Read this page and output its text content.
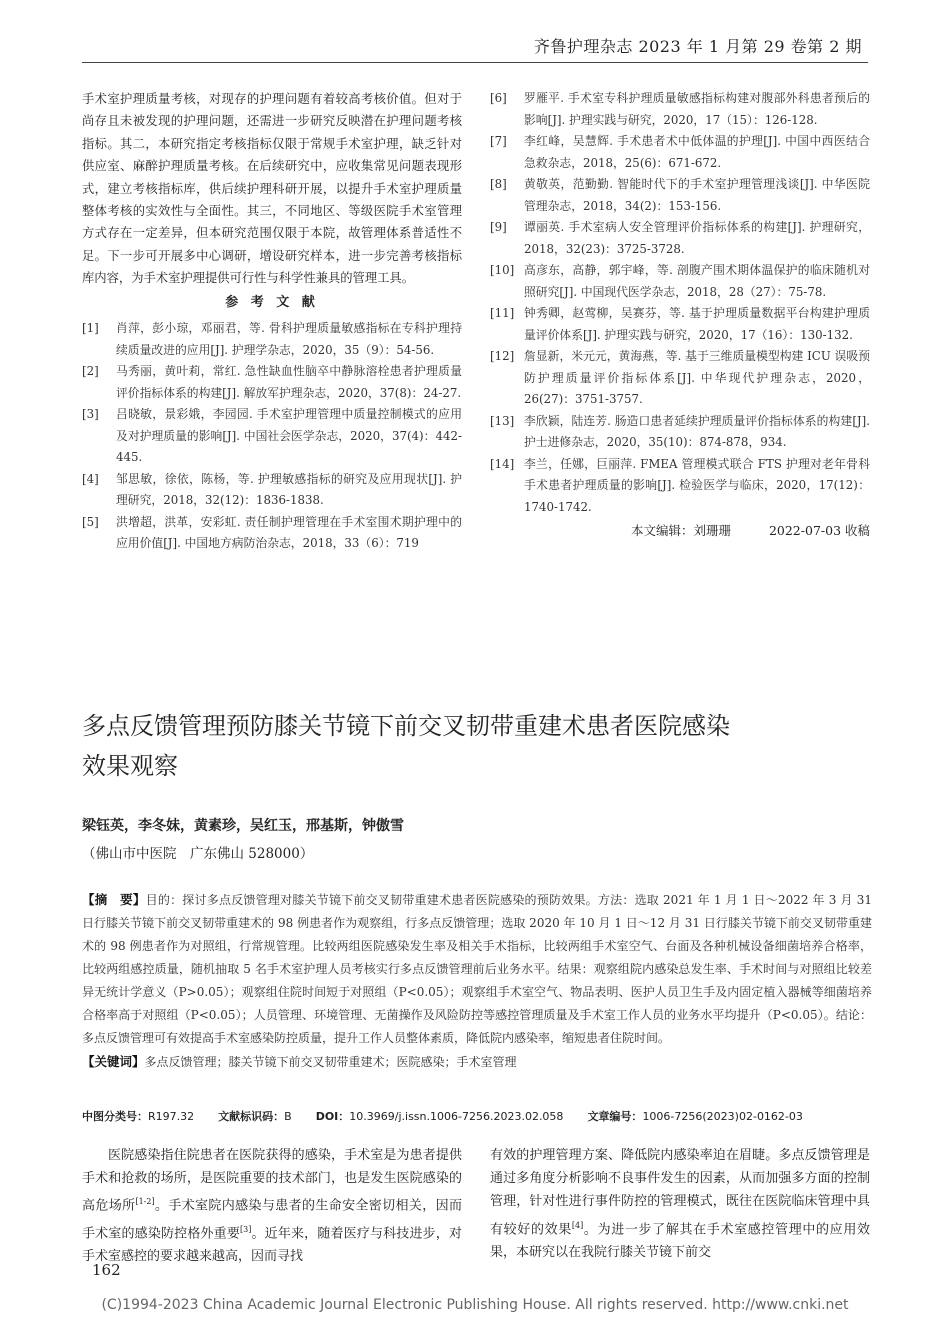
齐鲁护理杂志 2023 年 1 月第 29 卷第 2 期

手术室护理质量考核，对现存的护理问题有着较高考核价值。但对于尚存且未被发现的护理问题，还需进一步研究反映潜在护理问题考核指标。其二，本研究指定考核指标仅限于常规手术室护理，缺乏针对供应室、麻醉护理质量考核。在后续研究中，应收集常见问题表现形式，建立考核指标库，供后续护理科研开展，以提升手术室护理质量整体考核的实效性与全面性。其三，不同地区、等级医院手术室管理方式存在一定差异，但本研究范围仅限于本院，故管理体系普适性不足。下一步可开展多中心调研，增设研究样本，进一步完善考核指标库内容，为手术室护理提供可行性与科学性兼具的管理工具。

参 考 文 献
[1]	肖萍，彭小琼，邓丽君，等. 骨科护理质量敏感指标在专科护理持续质量改进的应用[J]. 护理学杂志，2020，35（9）：54-56.
[2]	马秀丽，黄叶莉，常红. 急性缺血性脑卒中静脉溶栓患者护理质量评价指标体系的构建[J]. 解放军护理杂志，2020，37(8)：24-27.
[3]	吕晓敏，景彩娥，李园园. 手术室护理管理中质量控制模式的应用及对护理质量的影响[J]. 中国社会医学杂志，2020，37(4)：442-445.
[4]	邹思敏，徐依，陈杨，等. 护理敏感指标的研究及应用现状[J]. 护理研究，2018，32(12)：1836-1838.
[5]	洪增超，洪革，安彩虹. 责任制护理管理在手术室围术期护理中的应用价值[J]. 中国地方病防治杂志，2018，33（6）：719
[6]	罗雁平. 手术室专科护理质量敏感指标构建对腹部外科患者预后的影响[J]. 护理实践与研究，2020，17（15）：126-128.
[7]	李红峰，吴慧辉. 手术患者术中低体温的护理[J]. 中国中西医结合急救杂志，2018，25(6)：671-672.
[8]	黄敬英，范勤勤. 智能时代下的手术室护理管理浅谈[J]. 中华医院管理杂志，2018，34(2)：153-156.
[9]	谭丽英. 手术室病人安全管理评价指标体系的构建[J]. 护理研究，2018，32(23)：3725-3728.
[10] 高彦东，高静，郭宇峰，等. 剖腹产围术期体温保护的临床随机对照研究[J]. 中国现代医学杂志，2018，28（27）：75-78.
[11] 钟秀卿，赵莺柳，吴赛芬，等. 基于护理质量数据平台构建护理质量评价体系[J]. 护理实践与研究，2020，17（16）：130-132.
[12] 詹显新，米元元，黄海燕，等. 基于三维质量模型构建 ICU 误吸预防护理质量评价指标体系[J]. 中华现代护理杂志，2020，26(27)：3751-3757.
[13] 李欣颖，陆连芳. 肠造口患者延续护理质量评价指标体系的构建[J]. 护士进修杂志，2020，35(10)：874-878，934.
[14] 李兰，任娜，巨丽萍. FMEA 管理模式联合 FTS 护理对老年骨科手术患者护理质量的影响[J]. 检验医学与临床，2020，17(12)：1740-1742.
本文编辑：刘珊珊	2022-07-03 收稿
多点反馈管理预防膝关节镜下前交叉韧带重建术患者医院感染
效果观察
梁钰英，李冬妹，黄素珍，吴红玉，邢基斯，钟傲雪
（佛山市中医院　广东佛山 528000）
【摘　要】目的：探讨多点反馈管理对膝关节镜下前交叉韧带重建术患者医院感染的预防效果。方法：选取 2021 年 1 月 1 日～2022 年 3 月 31 日行膝关节镜下前交叉韧带重建术的 98 例患者作为观察组，行多点反馈管理；选取 2020 年 10 月 1 日～12 月 31 日行膝关节镜下前交叉韧带重建术的 98 例患者作为对照组，行常规管理。比较两组医院感染发生率及相关手术指标，比较两组手术室空气、台面及各种机械设备细菌培养合格率，比较两组感控质量，随机抽取 5 名手术室护理人员考核实行多点反馈管理前后业务水平。结果：观察组院内感染总发生率、手术时间与对照组比较差异无统计学意义（P>0.05）；观察组住院时间短于对照组（P<0.05）；观察组手术室空气、物品表明、医护人员卫生手及内固定植入器械等细菌培养合格率高于对照组（P<0.05）；人员管理、环境管理、无菌操作及风险防控等感控管理质量及手术室工作人员的业务水平均提升（P<0.05）。结论：多点反馈管理可有效提高手术室感染防控质量，提升工作人员整体素质，降低院内感染率，缩短患者住院时间。
【关键词】多点反馈管理；膝关节镜下前交叉韧带重建术；医院感染；手术室管理
中图分类号：R197.32 文献标识码：B DOI：10.3969/j.issn.1006-7256.2023.02.058 文章编号：1006-7256(2023)02-0162-03

医院感染指住院患者在医院获得的感染，手术室是为患者提供手术和抢救的场所，是医院重要的技术部门，也是发生医院感染的高危场所[1-2]。手术室院内感染与患者的生命安全密切相关，因而手术室的感染防控格外重要[3]。近年来，随着医疗与科技进步，对手术室感控的要求越来越高，因而寻找

有效的护理管理方案、降低院内感染率迫在眉睫。多点反馈管理是通过多角度分析影响不良事件发生的因素，从而加强多方面的控制管理，针对性进行事件防控的管理模式，既往在医院临床管理中具有较好的效果[4]。为进一步了解其在手术室感控管理中的应用效果，本研究以在我院行膝关节镜下前交

162
(C)1994-2023 China Academic Journal Electronic Publishing House. All rights reserved. http://www.cnki.net
